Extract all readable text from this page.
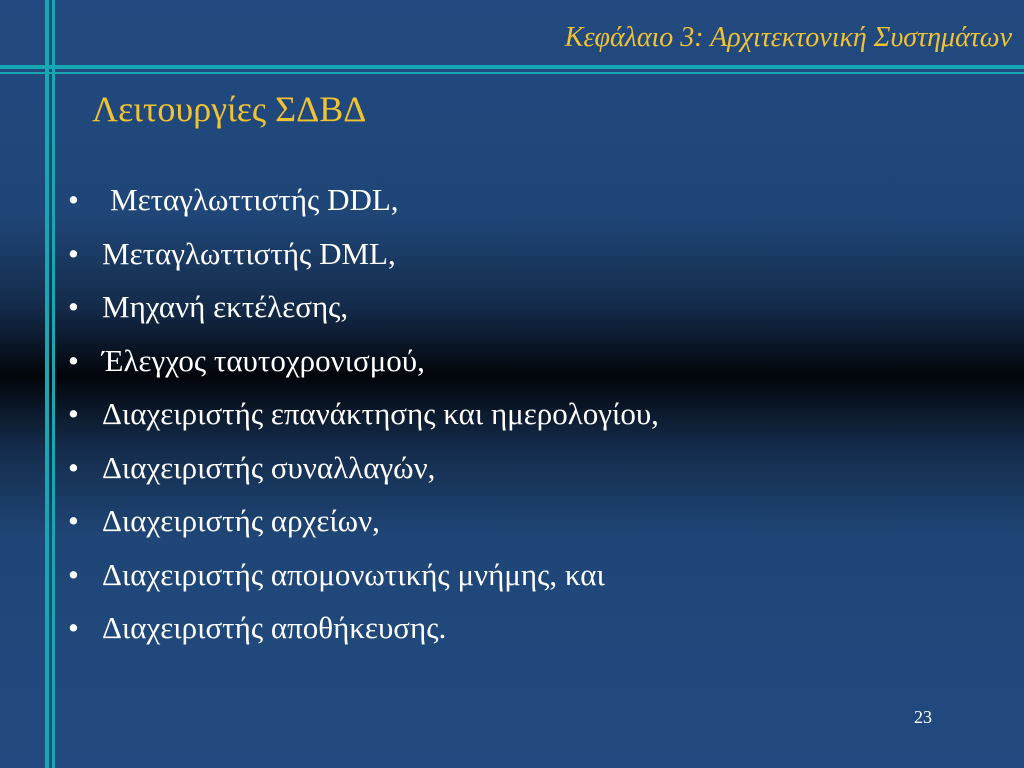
Κεφάλαιο 3: Αρχιτεκτονική Συστημάτων
Λειτουργίες ΣΔΒΔ
•	Μεταγλωττιστής DDL,
• Μεταγλωττιστής DML,
• Μηχανή εκτέλεσης,
• Έλεγχος ταυτοχρονισμού,
• Διαχειριστής επανάκτησης και ημερολογίου,
• Διαχειριστής συναλλαγών,
• Διαχειριστής αρχείων,
• Διαχειριστής απομονωτικής μνήμης, και
• Διαχειριστής αποθήκευσης.
23
